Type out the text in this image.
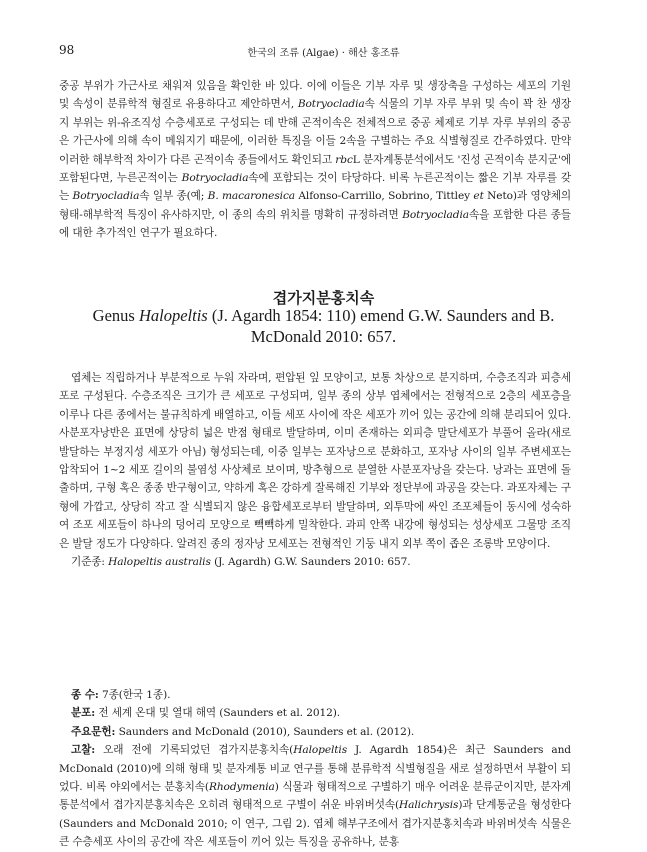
98	한국의 조류 (Algae) · 해산 홍조류

중공 부위가 가근사로 채워져 있음을 확인한 바 있다. 이에 이들은 기부 자루 및 생장축을 구성하는 세포의 기원 및 속성이 분류학적 형질로 유용하다고 제안하면서, Botryocladia속 식물의 기부 자루 부위 및 속이 꽉 찬 생장지 부위는 위-유조직성 수층세포로 구성되는 데 반해 곤적이속은 전체적으로 중공 체제로 기부 자루 부위의 중공은 가근사에 의해 속이 메워지기 때문에, 이러한 특징을 이들 2속을 구별하는 주요 식별형질로 간주하였다. 만약 이러한 해부학적 차이가 다른 곤적이속 종들에서도 확인되고 rbcL 분자계통분석에서도 '진성 곤적이속 분지군'에 포함된다면, 누른곤적이는 Botryocladia속에 포함되는 것이 타당하다. 비록 누른곤적이는 짧은 기부 자루를 갖는 Botryocladia속 일부 종(예; B. macaronesica Alfonso-Carrillo, Sobrino, Tittley et Neto)과 영양체의 형태-해부학적 특징이 유사하지만, 이 종의 속의 위치를 명확히 규정하려면 Botryocladia속을 포함한 다른 종들에 대한 추가적인 연구가 필요하다.

겹가지분홍치속
Genus Halopeltis (J. Agardh 1854: 110) emend G.W. Saunders and B. McDonald 2010: 657.

엽체는 직립하거나 부분적으로 누워 자라며, 편압된 잎 모양이고, 보통 차상으로 분지하며, 수층조직과 피층세포로 구성된다. 수층조직은 크기가 큰 세포로 구성되며, 일부 종의 상부 엽체에서는 전형적으로 2층의 세포층을 이루나 다른 종에서는 불규칙하게 배열하고, 이들 세포 사이에 작은 세포가 끼어 있는 공간에 의해 분리되어 있다. 사분포자낭반은 표면에 상당히 넓은 반점 형태로 발달하며, 이미 존재하는 외피층 말단세포가 부풀어 올라(새로 발달하는 부정지성 세포가 아님) 형성되는데, 이중 일부는 포자낭으로 분화하고, 포자낭 사이의 일부 주변세포는 압착되어 1~2 세포 길이의 불염성 사상체로 보이며, 방추형으로 분열한 사분포자낭을 갖는다. 낭과는 표면에 돌출하며, 구형 혹은 종종 반구형이고, 약하게 혹은 강하게 잘록해진 기부와 정단부에 과공을 갖는다. 과포자체는 구형에 가깝고, 상당히 작고 잘 식별되지 않은 융합세포로부터 발달하며, 외투막에 싸인 조포체들이 동시에 성숙하여 조포 세포들이 하나의 덩어리 모양으로 빽빽하게 밀착한다. 과피 안쪽 내강에 형성되는 성상세포 그물망 조직은 발달 정도가 다양하다. 알려진 종의 정자낭 모세포는 전형적인 기둥 내지 외부 쪽이 좁은 조롱박 모양이다.

기준종: Halopeltis australis (J. Agardh) G.W. Saunders 2010: 657.

종 수: 7종(한국 1종).

분포: 전 세계 온대 및 열대 해역 (Saunders et al. 2012).

주요문헌: Saunders and McDonald (2010), Saunders et al. (2012).

고찰: 오래 전에 기록되었던 겹가지분홍치속(Halopeltis J. Agardh 1854)은 최근 Saunders and McDonald (2010)에 의해 형태 및 분자계통 비교 연구를 통해 분류학적 식별형질을 새로 설정하면서 부활이 되었다. 비록 야외에서는 분홍치속(Rhodymenia) 식물과 형태적으로 구별하기 매우 어려운 분류군이지만, 분자계통분석에서 겹가지분홍치속은 오히려 형태적으로 구별이 쉬운 바위버섯속(Halichrysis)과 단계통군을 형성한다(Saunders and McDonald 2010; 이 연구, 그림 2). 엽체 해부구조에서 겹가지분홍치속과 바위버섯속 식물은 큰 수층세포 사이의 공간에 작은 세포들이 끼어 있는 특징을 공유하나, 분홍
